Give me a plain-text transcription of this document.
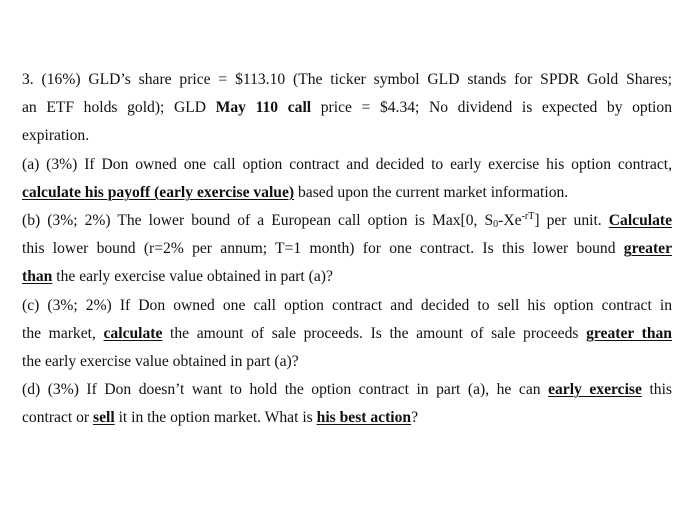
3. (16%) GLD’s share price = $113.10 (The ticker symbol GLD stands for SPDR Gold Shares;
an ETF holds gold); GLD May 110 call price = $4.34; No dividend is expected by option
expiration.
(a) (3%) If Don owned one call option contract and decided to early exercise his option contract,
calculate his payoff (early exercise value) based upon the current market information.
(b) (3%; 2%) The lower bound of a European call option is Max[0, $S_0-Xe^{-rT}$] per unit. Calculate
this lower bound (r=2% per annum; T=1 month) for one contract. Is this lower bound greater
than the early exercise value obtained in part (a)?
(c) (3%; 2%) If Don owned one call option contract and decided to sell his option contract in
the market, calculate the amount of sale proceeds. Is the amount of sale proceeds greater than
the early exercise value obtained in part (a)?
(d) (3%) If Don doesn’t want to hold the option contract in part (a), he can early exercise this
contract or sell it in the option market. What is his best action?
